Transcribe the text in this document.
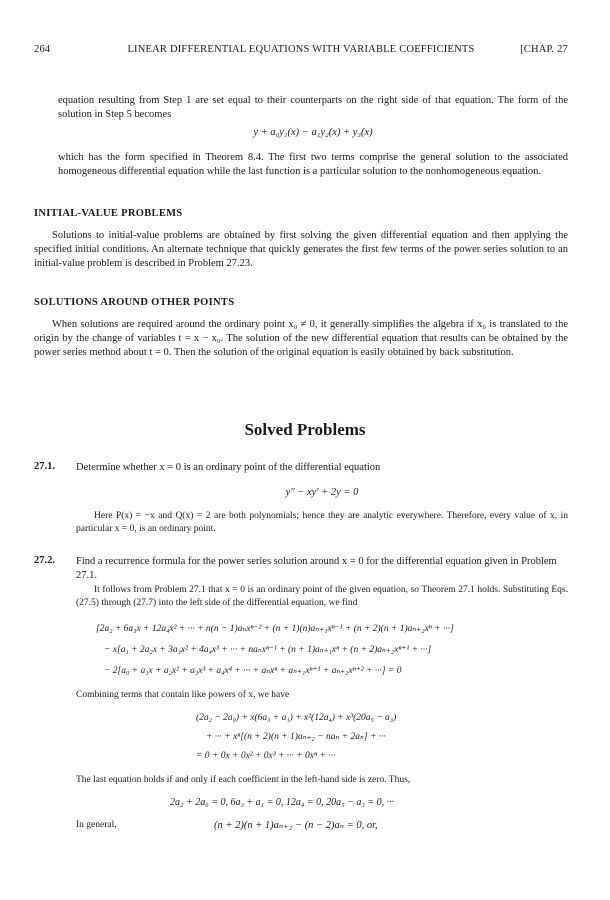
264	LINEAR DIFFERENTIAL EQUATIONS WITH VARIABLE COEFFICIENTS	[CHAP. 27
equation resulting from Step 1 are set equal to their counterparts on the right side of that equation. The form of the solution in Step 5 becomes
y + a₀y₁(x) − a₁y₂(x) + y₃(x)
which has the form specified in Theorem 8.4. The first two terms comprise the general solution to the associated homogeneous differential equation while the last function is a particular solution to the nonhomogeneous equation.
INITIAL-VALUE PROBLEMS
Solutions to initial-value problems are obtained by first solving the given differential equation and then applying the specified initial conditions. An alternate technique that quickly generates the first few terms of the power series solution to an initial-value problem is described in Problem 27.23.
SOLUTIONS AROUND OTHER POINTS
When solutions are required around the ordinary point x₀ ≠ 0, it generally simplifies the algebra if x₀ is translated to the origin by the change of variables t = x − x₀. The solution of the new differential equation that results can be obtained by the power series method about t = 0. Then the solution of the original equation is easily obtained by back substitution.
Solved Problems
27.1. Determine whether x = 0 is an ordinary point of the differential equation
y″ − xy′ + 2y = 0
Here P(x) = −x and Q(x) = 2 are both polynomials; hence they are analytic everywhere. Therefore, every value of x, in particular x = 0, is an ordinary point.
27.2. Find a recurrence formula for the power series solution around x = 0 for the differential equation given in Problem 27.1.
It follows from Problem 27.1 that x = 0 is an ordinary point of the given equation, so Theorem 27.1 holds. Substituting Eqs. (27.5) through (27.7) into the left side of the differential equation, we find
[2a₂ + 6a₃x + 12a₄x² + ··· + n(n − 1)aₙxⁿ⁻² + (n + 1)(n)aₙ₊₁xⁿ⁻¹ + (n + 2)(n + 1)aₙ₊₂xⁿ + ···]
− x[a₁ + 2a₂x + 3a₃x² + 4a₄x³ + ··· + naₙxⁿ⁻¹ + (n + 1)aₙ₊₁xⁿ + (n + 2)aₙ₊₂xⁿ⁺¹ + ···]
− 2[a₀ + a₁x + a₂x² + a₃x³ + a₄x⁴ + ··· + aₙxⁿ + aₙ₊₁xⁿ⁺¹ + aₙ₊₂xⁿ⁺² + ···] = 0
Combining terms that contain like powers of x, we have
(2a₂ − 2a₀) + x(6a₃ + a₁) + x²(12a₄) + x³(20a₅ − a₃)
+ ··· + xⁿ[(n + 2)(n + 1)aₙ₊₂ − naₙ + 2aₙ] + ···
= 0 + 0x + 0x² + 0x³ + ··· + 0xⁿ + ···
The last equation holds if and only if each coefficient in the left-hand side is zero. Thus,
2a₂ + 2a₀ = 0, 6a₃ + a₁ = 0, 12a₄ = 0, 20a₅ − a₃ = 0, ···
In general,	(n + 2)(n + 1)aₙ₊₂ − (n − 2)aₙ = 0, or,
